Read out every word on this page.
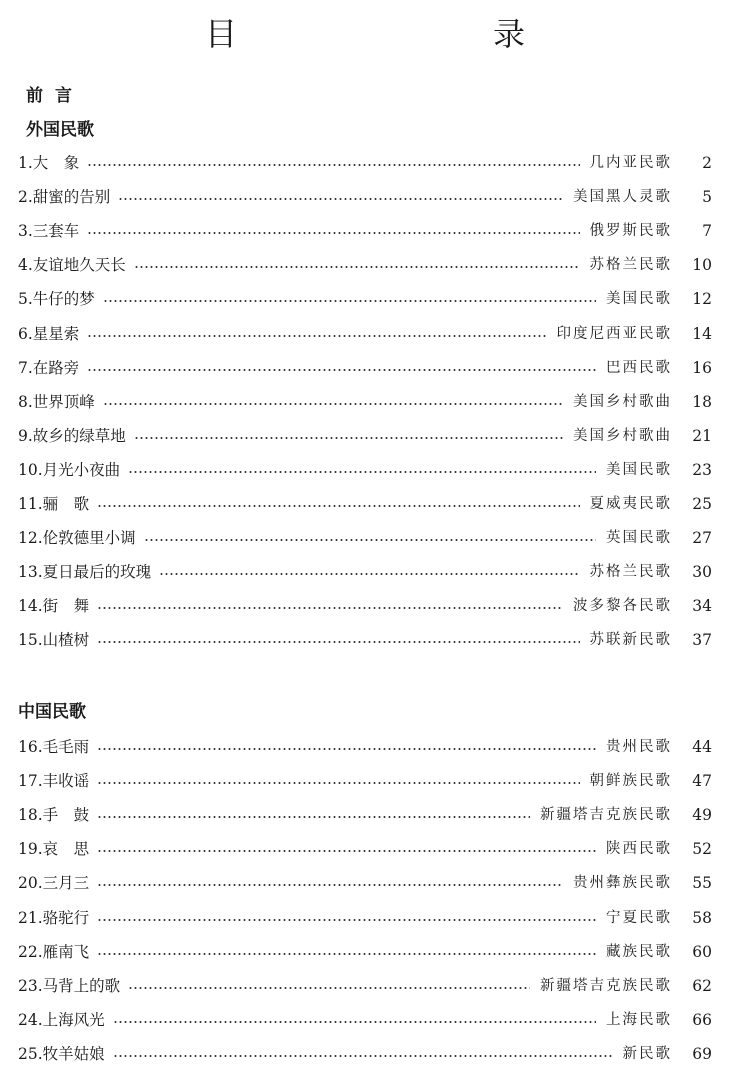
目　　录
前言
外国民歌
中国民歌
1. 大　象	几内亚民歌	2
2. 甜蜜的告别	美国黑人灵歌	5
3. 三套车	俄罗斯民歌	7
4. 友谊地久天长	苏格兰民歌	10
5. 牛仔的梦	美国民歌	12
6. 星星索	印度尼西亚民歌	14
7. 在路旁	巴西民歌	16
8. 世界顶峰	美国乡村歌曲	18
9. 故乡的绿草地	美国乡村歌曲	21
10. 月光小夜曲	美国民歌	23
11. 骊　歌	夏威夷民歌	25
12. 伦敦德里小调	英国民歌	27
13. 夏日最后的玫瑰	苏格兰民歌	30
14. 街　舞	波多黎各民歌	34
15. 山楂树	苏联新民歌	37
16. 毛毛雨	贵州民歌	44
17. 丰收谣	朝鲜族民歌	47
18. 手　鼓	新疆塔吉克族民歌	49
19. 哀　思	陕西民歌	52
20. 三月三	贵州彝族民歌	55
21. 骆驼行	宁夏民歌	58
22. 雁南飞	藏族民歌	60
23. 马背上的歌	新疆塔吉克族民歌	62
24. 上海风光	上海民歌	66
25. 牧羊姑娘	新民歌	69
